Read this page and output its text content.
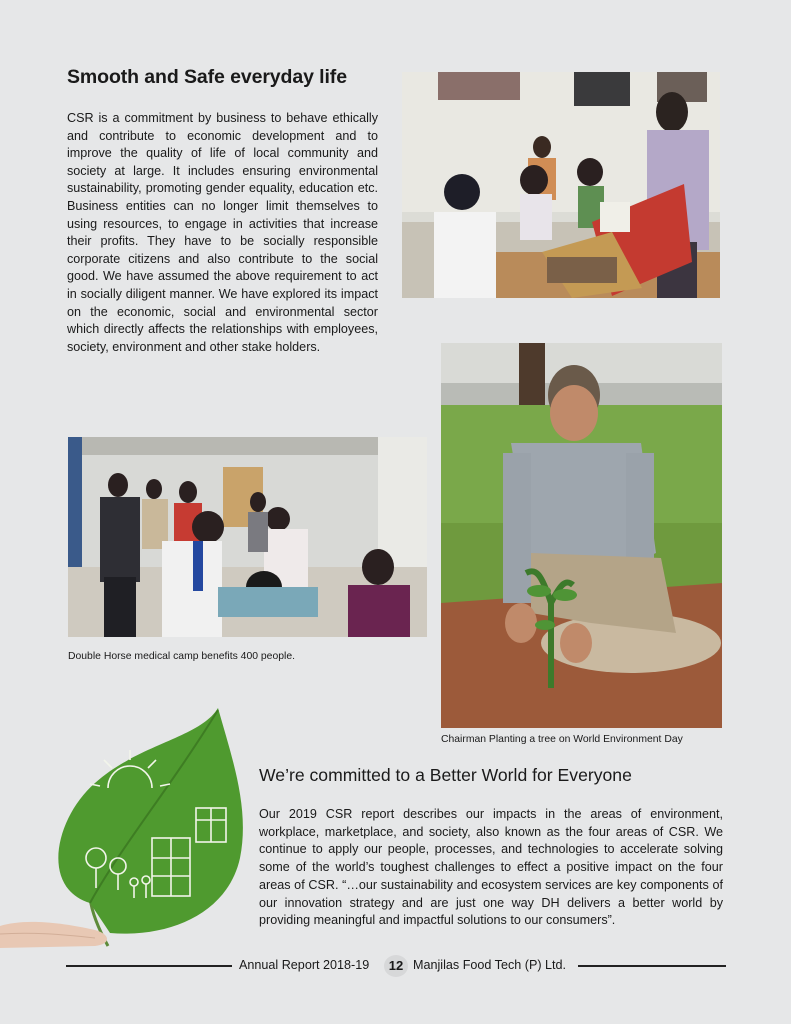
Smooth and Safe everyday life

CSR is a commitment by business to behave ethically and contribute to economic development and to improve the quality of life of local community and society at large. It includes ensuring environmental sustainability, promoting gender equality, education etc. Business entities can no longer limit themselves to using resources, to engage in activities that increase their profits. They have to be socially responsible corporate citizens and also contribute to the social good. We have assumed the above requirement to act in socially diligent manner. We have explored its impact on the economic, social and environmental sector which directly affects the relationships with employees, society, environment and other stake holders.

Double Horse medical camp benefits 400 people.

Chairman Planting a tree on World Environment Day

We’re committed to a Better World for Everyone

Our 2019 CSR report describes our impacts in the areas of environment, workplace, marketplace, and society, also known as the four areas of CSR. We continue to apply our people, processes, and technologies to accelerate solving some of the world’s toughest challenges to effect a positive impact on the four areas of CSR. “…our sustainability and ecosystem services are key components of our innovation strategy and are just one way DH delivers a better world by providing meaningful and impactful solutions to our consumers”.

Annual Report 2018-19	12 Manjilas Food Tech (P) Ltd.
